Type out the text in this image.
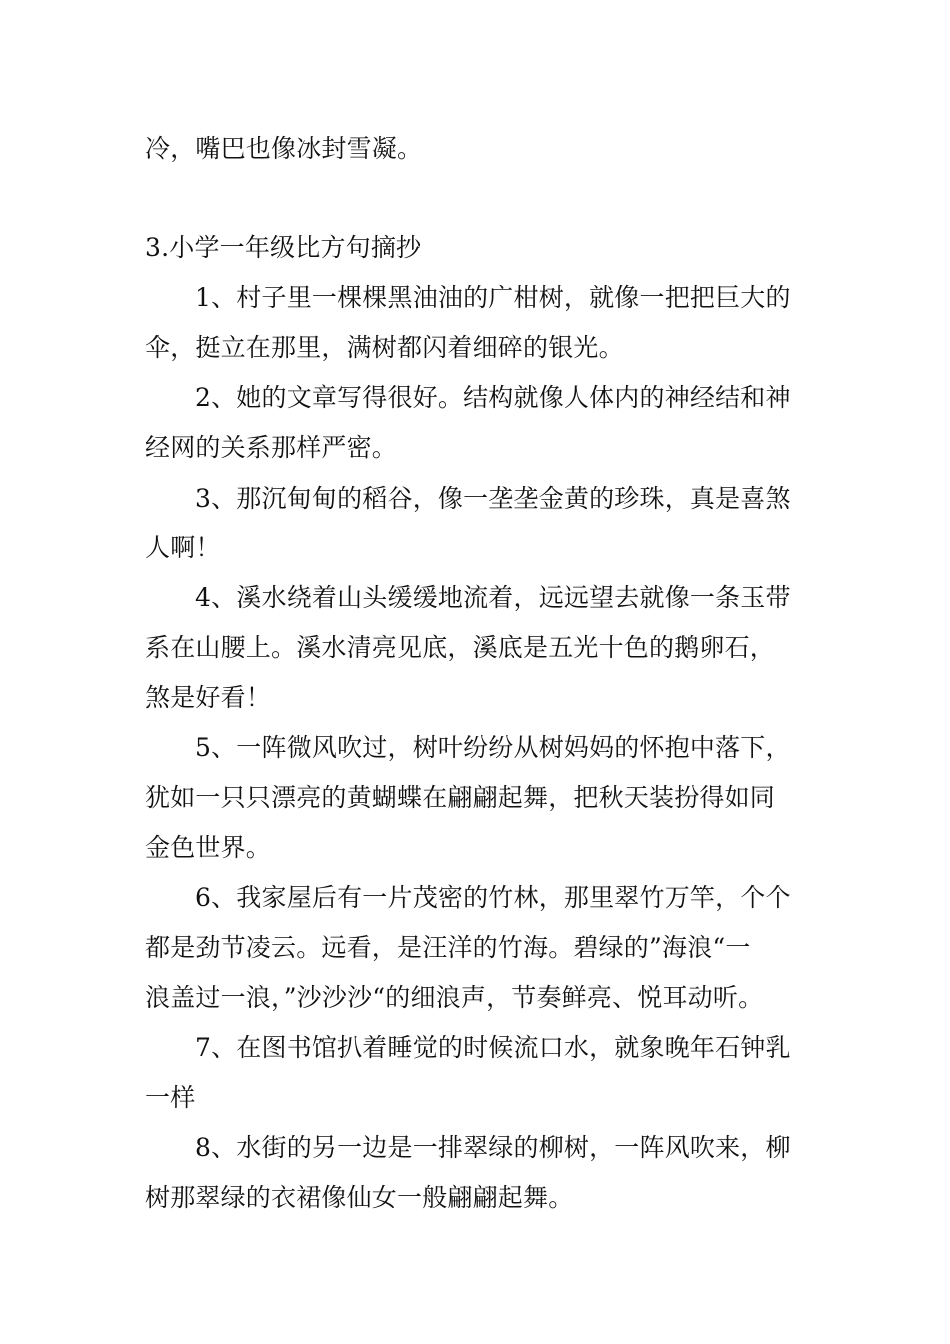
冷，嘴巴也像冰封雪凝。
3.小学一年级比方句摘抄
1、村子里一棵棵黑油油的广柑树，就像一把把巨大的
伞，挺立在那里，满树都闪着细碎的银光。
2、她的文章写得很好。结构就像人体内的神经结和神
经网的关系那样严密。
3、那沉甸甸的稻谷，像一垄垄金黄的珍珠，真是喜煞
人啊！
4、溪水绕着山头缓缓地流着，远远望去就像一条玉带
系在山腰上。溪水清亮见底，溪底是五光十色的鹅卵石，
煞是好看！
5、一阵微风吹过，树叶纷纷从树妈妈的怀抱中落下，
犹如一只只漂亮的黄蝴蝶在翩翩起舞，把秋天装扮得如同
金色世界。
6、我家屋后有一片茂密的竹林，那里翠竹万竿，个个
都是劲节凌云。远看，是汪洋的竹海。碧绿的”海浪“一
浪盖过一浪，”沙沙沙“的细浪声，节奏鲜亮、悦耳动听。
7、在图书馆扒着睡觉的时候流口水，就象晚年石钟乳
一样
8、水街的另一边是一排翠绿的柳树，一阵风吹来，柳
树那翠绿的衣裙像仙女一般翩翩起舞。
